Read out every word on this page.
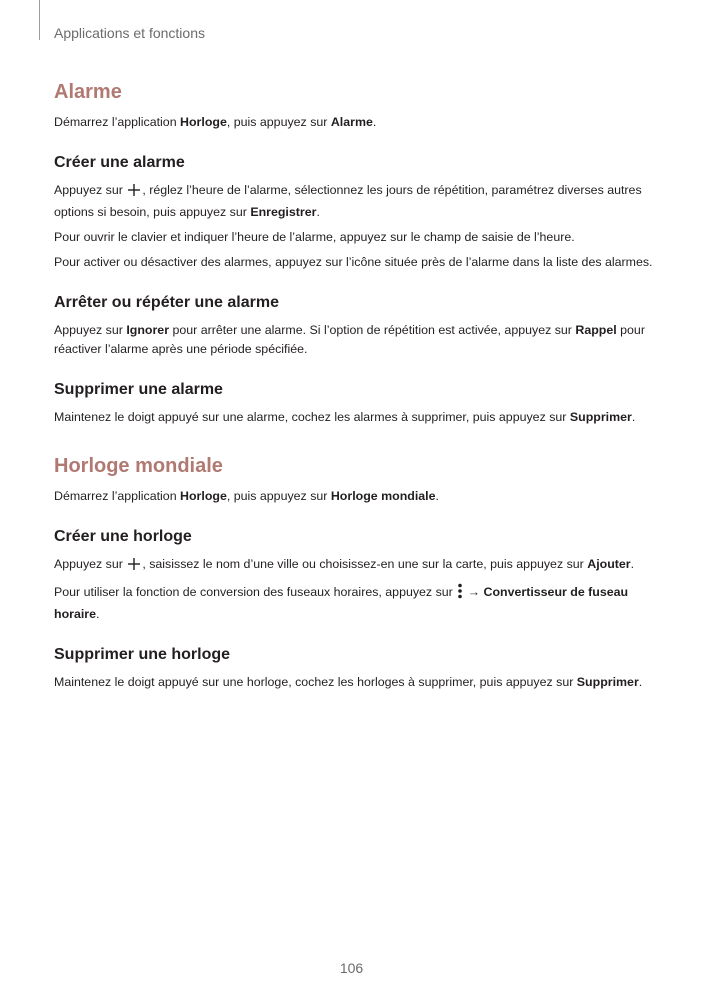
Applications et fonctions
Alarme

Démarrez l’application Horloge, puis appuyez sur Alarme.

Créer une alarme

Appuyez sur , réglez l’heure de l’alarme, sélectionnez les jours de répétition, paramétrez diverses autres options si besoin, puis appuyez sur Enregistrer.

Pour ouvrir le clavier et indiquer l’heure de l’alarme, appuyez sur le champ de saisie de l’heure.

Pour activer ou désactiver des alarmes, appuyez sur l’icône située près de l’alarme dans la liste des alarmes.

Arrêter ou répéter une alarme

Appuyez sur Ignorer pour arrêter une alarme. Si l’option de répétition est activée, appuyez sur Rappel pour réactiver l’alarme après une période spécifiée.

Supprimer une alarme

Maintenez le doigt appuyé sur une alarme, cochez les alarmes à supprimer, puis appuyez sur Supprimer.

Horloge mondiale

Démarrez l’application Horloge, puis appuyez sur Horloge mondiale.

Créer une horloge

Appuyez sur , saisissez le nom d’une ville ou choisissez-en une sur la carte, puis appuyez sur Ajouter.

Pour utiliser la fonction de conversion des fuseaux horaires, appuyez sur  → Convertisseur de fuseau horaire.

Supprimer une horloge

Maintenez le doigt appuyé sur une horloge, cochez les horloges à supprimer, puis appuyez sur Supprimer.

106
